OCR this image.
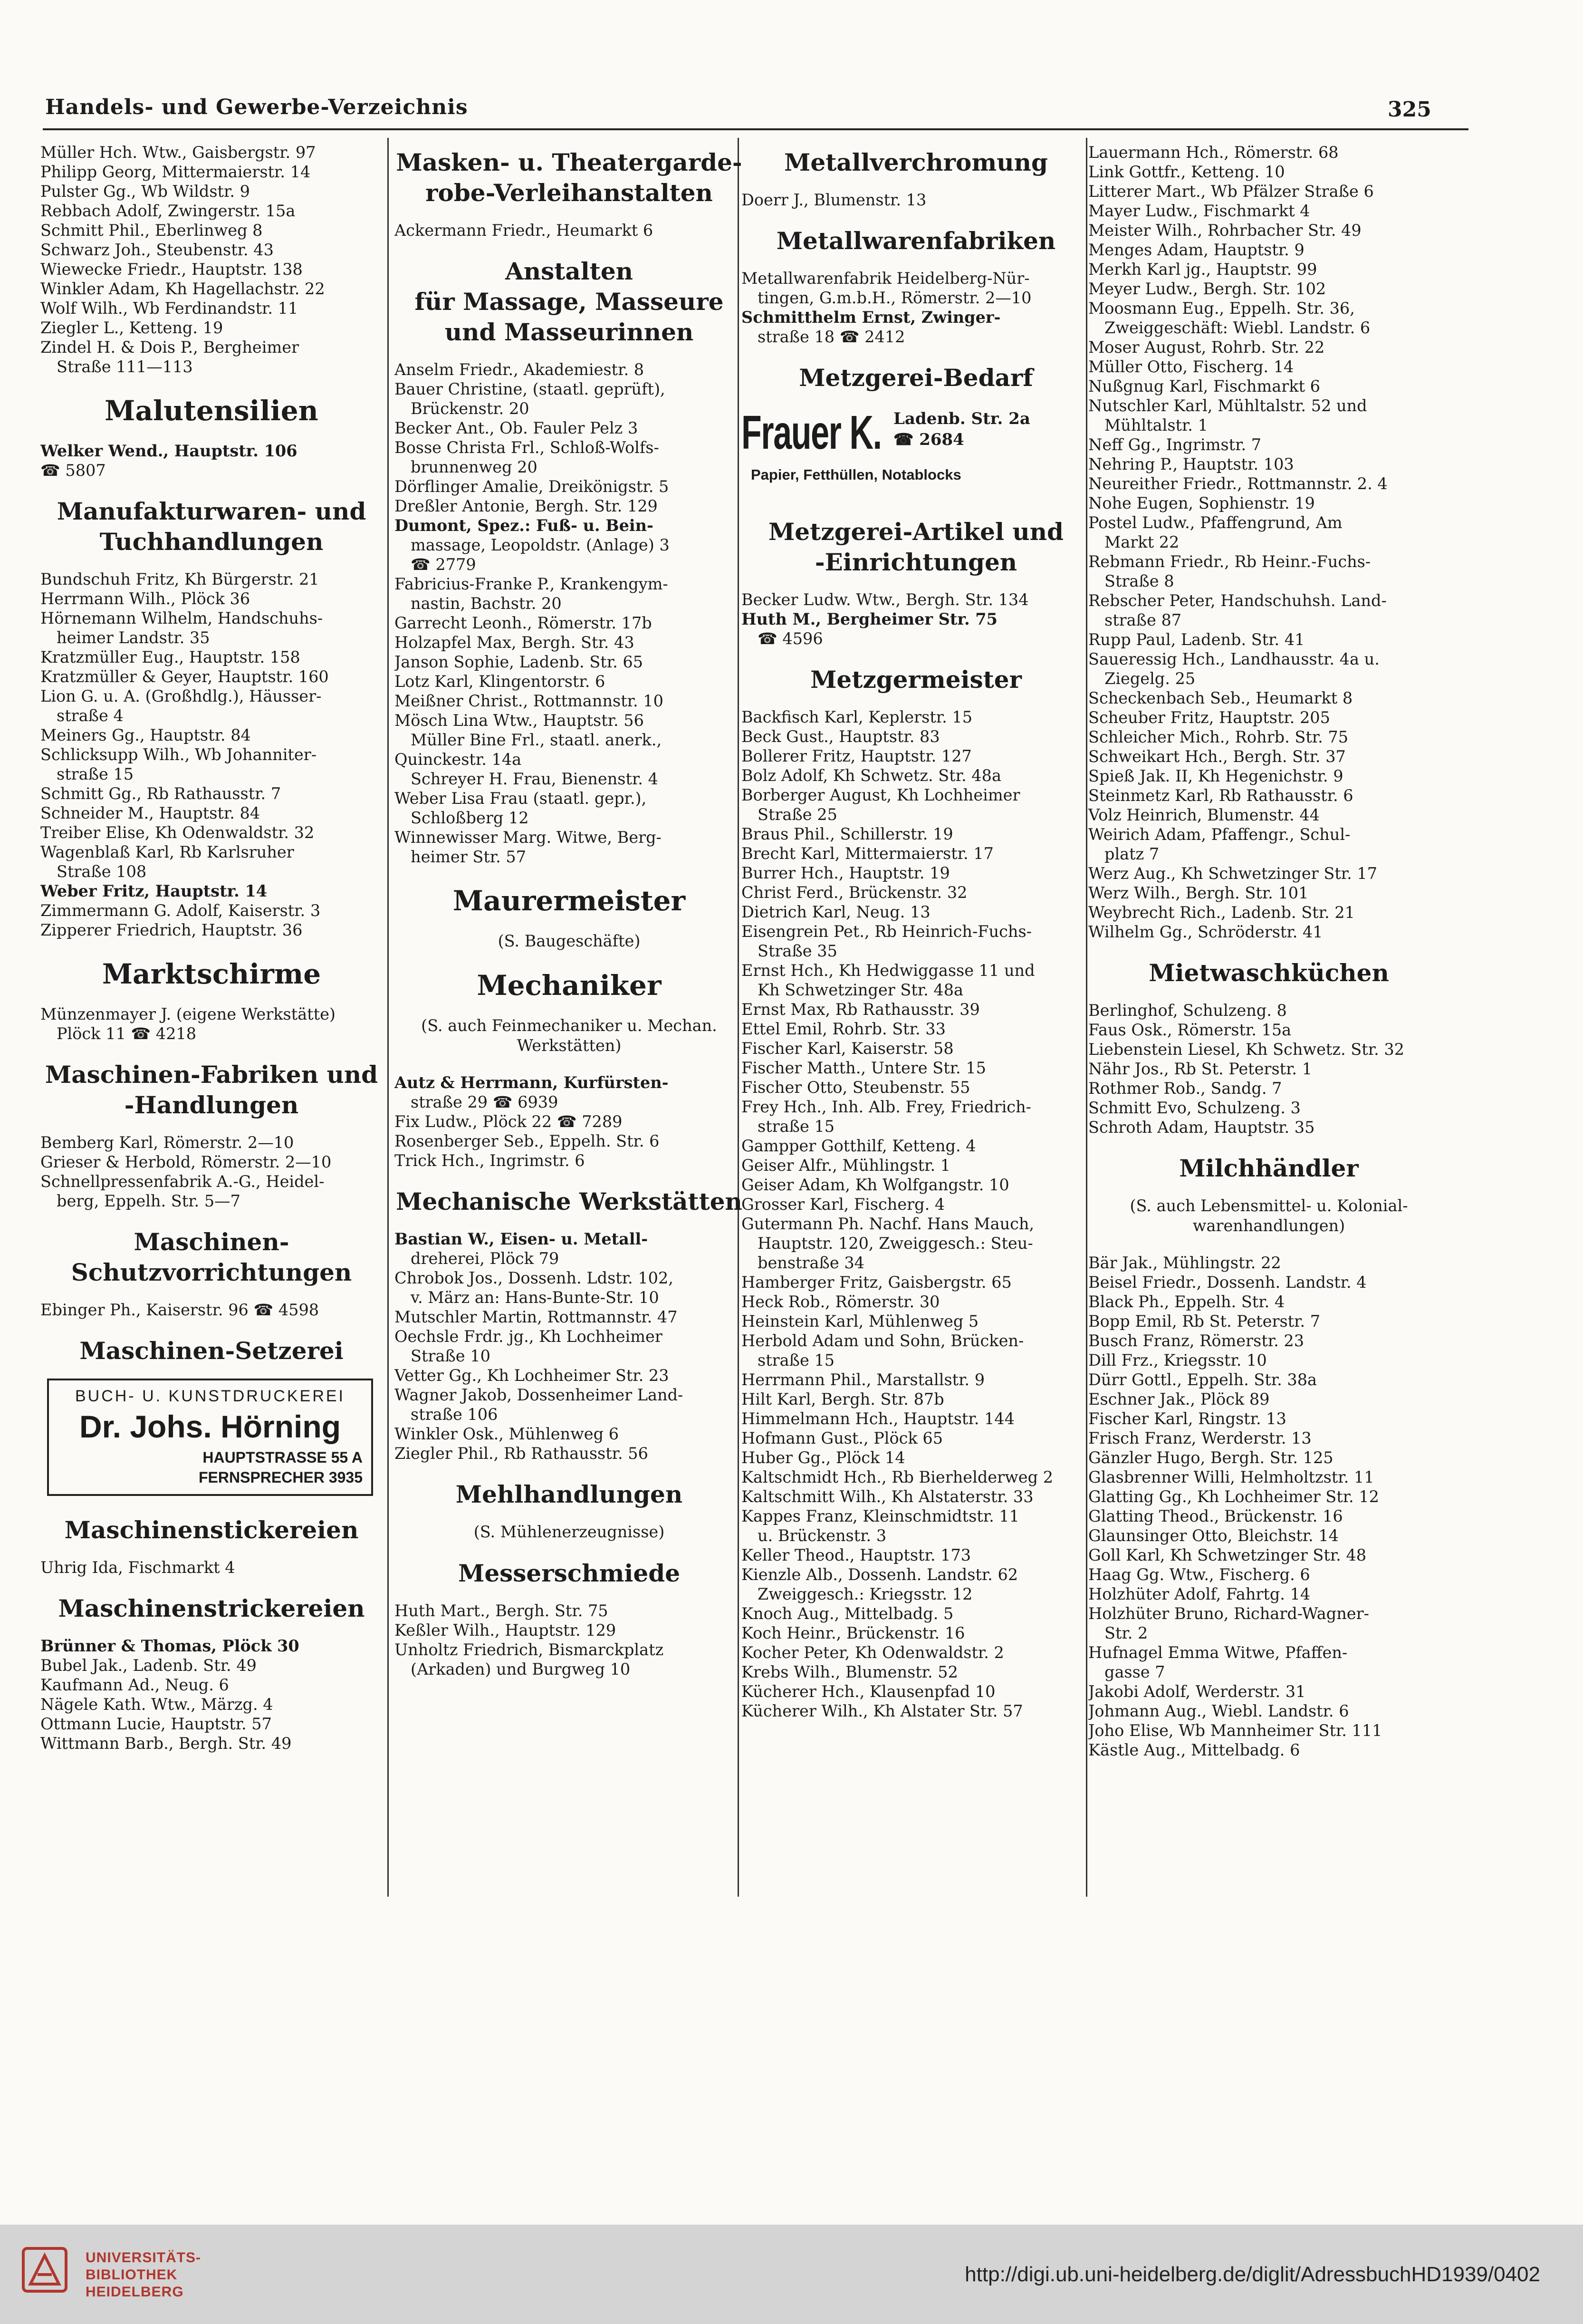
Handels- und Gewerbe-Verzeichnis	325
Müller Hch. Wtw., Gaisbergstr. 97
Philipp Georg, Mittermaierstr. 14
Pulster Gg., Wb Wildstr. 9
Rebbach Adolf, Zwingerstr. 15a
Schmitt Phil., Eberlinweg 8
Schwarz Joh., Steubenstr. 43
Wiewecke Friedr., Hauptstr. 138
Winkler Adam, Kh Hagellachstr. 22
Wolf Wilh., Wb Ferdinandstr. 11
Ziegler L., Ketteng. 19
Zindel H. & Dois P., Bergheimer
Straße 111—113
Malutensilien
Welker Wend., Hauptstr. 106
☎ 5807
Manufakturwaren- und
Tuchhandlungen
Bundschuh Fritz, Kh Bürgerstr. 21
Herrmann Wilh., Plöck 36
Hörnemann Wilhelm, Handschuhs-
heimer Landstr. 35
Kratzmüller Eug., Hauptstr. 158
Kratzmüller & Geyer, Hauptstr. 160
Lion G. u. A. (Großhdlg.), Häusser-
straße 4
Meiners Gg., Hauptstr. 84
Schlicksupp Wilh., Wb Johanniter-
straße 15
Schmitt Gg., Rb Rathausstr. 7
Schneider M., Hauptstr. 84
Treiber Elise, Kh Odenwaldstr. 32
Wagenblaß Karl, Rb Karlsruher
Straße 108
Weber Fritz, Hauptstr. 14
Zimmermann G. Adolf, Kaiserstr. 3
Zipperer Friedrich, Hauptstr. 36
Marktschirme
Münzenmayer J. (eigene Werkstätte)
Plöck 11 ☎ 4218
Maschinen-Fabriken und
-Handlungen
Bemberg Karl, Römerstr. 2—10
Grieser & Herbold, Römerstr. 2—10
Schnellpressenfabrik A.-G., Heidel-
berg, Eppelh. Str. 5—7
Maschinen-
Schutzvorrichtungen
Ebinger Ph., Kaiserstr. 96 ☎ 4598
Maschinen-Setzerei
BUCH- U. KUNSTDRUCKEREI
Dr. Johs. Hörning
HAUPTSTRASSE 55 A
FERNSPRECHER 3935
Maschinenstickereien
Uhrig Ida, Fischmarkt 4
Maschinenstrickereien
Brünner & Thomas, Plöck 30
Bubel Jak., Ladenb. Str. 49
Kaufmann Ad., Neug. 6
Nägele Kath. Wtw., Märzg. 4
Ottmann Lucie, Hauptstr. 57
Wittmann Barb., Bergh. Str. 49
Masken- u. Theatergarde-
robe-Verleihanstalten
Ackermann Friedr., Heumarkt 6
Anstalten
für Massage, Masseure
und Masseurinnen
Anselm Friedr., Akademiestr. 8
Bauer Christine, (staatl. geprüft),
Brückenstr. 20
Becker Ant., Ob. Fauler Pelz 3
Bosse Christa Frl., Schloß-Wolfs-
brunnenweg 20
Dörflinger Amalie, Dreikönigstr. 5
Dreßler Antonie, Bergh. Str. 129
Dumont, Spez.: Fuß- u. Bein-
massage, Leopoldstr. (Anlage) 3
☎ 2779
Fabricius-Franke P., Krankengym-
nastin, Bachstr. 20
Garrecht Leonh., Römerstr. 17b
Holzapfel Max, Bergh. Str. 43
Janson Sophie, Ladenb. Str. 65
Lotz Karl, Klingentorstr. 6
Meißner Christ., Rottmannstr. 10
Mösch Lina Wtw., Hauptstr. 56
Müller Bine Frl., staatl. anerk.,
Quinckestr. 14a
Schreyer H. Frau, Bienenstr. 4
Weber Lisa Frau (staatl. gepr.),
Schloßberg 12
Winnewisser Marg. Witwe, Berg-
heimer Str. 57
Maurermeister
(S. Baugeschäfte)
Mechaniker
(S. auch Feinmechaniker u. Mechan.
Werkstätten)
Autz & Herrmann, Kurfürsten-
straße 29 ☎ 6939
Fix Ludw., Plöck 22 ☎ 7289
Rosenberger Seb., Eppelh. Str. 6
Trick Hch., Ingrimstr. 6
Mechanische Werkstätten
Bastian W., Eisen- u. Metall-
dreherei, Plöck 79
Chrobok Jos., Dossenh. Ldstr. 102,
v. März an: Hans-Bunte-Str. 10
Mutschler Martin, Rottmannstr. 47
Oechsle Frdr. jg., Kh Lochheimer
Straße 10
Vetter Gg., Kh Lochheimer Str. 23
Wagner Jakob, Dossenheimer Land-
straße 106
Winkler Osk., Mühlenweg 6
Ziegler Phil., Rb Rathausstr. 56
Mehlhandlungen
(S. Mühlenerzeugnisse)
Messerschmiede
Huth Mart., Bergh. Str. 75
Keßler Wilh., Hauptstr. 129
Unholtz Friedrich, Bismarckplatz
(Arkaden) und Burgweg 10
Metallverchromung
Doerr J., Blumenstr. 13
Metallwarenfabriken
Metallwarenfabrik Heidelberg-Nür-
tingen, G.m.b.H., Römerstr. 2—10
Schmitthelm Ernst, Zwinger-
straße 18 ☎ 2412
Metzgerei-Bedarf
Frauer K. Ladenb. Str. 2a
☎ 2684
Papier, Fetthüllen, Notablocks
Metzgerei-Artikel und
-Einrichtungen
Becker Ludw. Wtw., Bergh. Str. 134
Huth M., Bergheimer Str. 75
☎ 4596
Metzgermeister
Backfisch Karl, Keplerstr. 15
Beck Gust., Hauptstr. 83
Bollerer Fritz, Hauptstr. 127
Bolz Adolf, Kh Schwetz. Str. 48a
Borberger August, Kh Lochheimer
Straße 25
Braus Phil., Schillerstr. 19
Brecht Karl, Mittermaierstr. 17
Burrer Hch., Hauptstr. 19
Christ Ferd., Brückenstr. 32
Dietrich Karl, Neug. 13
Eisengrein Pet., Rb Heinrich-Fuchs-
Straße 35
Ernst Hch., Kh Hedwiggasse 11 und
Kh Schwetzinger Str. 48a
Ernst Max, Rb Rathausstr. 39
Ettel Emil, Rohrb. Str. 33
Fischer Karl, Kaiserstr. 58
Fischer Matth., Untere Str. 15
Fischer Otto, Steubenstr. 55
Frey Hch., Inh. Alb. Frey, Friedrich-
straße 15
Gampper Gotthilf, Ketteng. 4
Geiser Alfr., Mühlingstr. 1
Geiser Adam, Kh Wolfgangstr. 10
Grosser Karl, Fischerg. 4
Gutermann Ph. Nachf. Hans Mauch,
Hauptstr. 120, Zweiggesch.: Steu-
benstraße 34
Hamberger Fritz, Gaisbergstr. 65
Heck Rob., Römerstr. 30
Heinstein Karl, Mühlenweg 5
Herbold Adam und Sohn, Brücken-
straße 15
Herrmann Phil., Marstallstr. 9
Hilt Karl, Bergh. Str. 87b
Himmelmann Hch., Hauptstr. 144
Hofmann Gust., Plöck 65
Huber Gg., Plöck 14
Kaltschmidt Hch., Rb Bierhelderweg 2
Kaltschmitt Wilh., Kh Alstaterstr. 33
Kappes Franz, Kleinschmidtstr. 11
u. Brückenstr. 3
Keller Theod., Hauptstr. 173
Kienzle Alb., Dossenh. Landstr. 62
Zweiggesch.: Kriegsstr. 12
Knoch Aug., Mittelbadg. 5
Koch Heinr., Brückenstr. 16
Kocher Peter, Kh Odenwaldstr. 2
Krebs Wilh., Blumenstr. 52
Kücherer Hch., Klausenpfad 10
Kücherer Wilh., Kh Alstater Str. 57
Lauermann Hch., Römerstr. 68
Link Gottfr., Ketteng. 10
Litterer Mart., Wb Pfälzer Straße 6
Mayer Ludw., Fischmarkt 4
Meister Wilh., Rohrbacher Str. 49
Menges Adam, Hauptstr. 9
Merkh Karl jg., Hauptstr. 99
Meyer Ludw., Bergh. Str. 102
Moosmann Eug., Eppelh. Str. 36,
Zweiggeschäft: Wiebl. Landstr. 6
Moser August, Rohrb. Str. 22
Müller Otto, Fischerg. 14
Nußgnug Karl, Fischmarkt 6
Nutschler Karl, Mühltalstr. 52 und
Mühltalstr. 1
Neff Gg., Ingrimstr. 7
Nehring P., Hauptstr. 103
Neureither Friedr., Rottmannstr. 2. 4
Nohe Eugen, Sophienstr. 19
Postel Ludw., Pfaffengrund, Am
Markt 22
Rebmann Friedr., Rb Heinr.-Fuchs-
Straße 8
Rebscher Peter, Handschuhsh. Land-
straße 87
Rupp Paul, Ladenb. Str. 41
Saueressig Hch., Landhausstr. 4a u.
Ziegelg. 25
Scheckenbach Seb., Heumarkt 8
Scheuber Fritz, Hauptstr. 205
Schleicher Mich., Rohrb. Str. 75
Schweikart Hch., Bergh. Str. 37
Spieß Jak. II, Kh Hegenichstr. 9
Steinmetz Karl, Rb Rathausstr. 6
Volz Heinrich, Blumenstr. 44
Weirich Adam, Pfaffengr., Schul-
platz 7
Werz Aug., Kh Schwetzinger Str. 17
Werz Wilh., Bergh. Str. 101
Weybrecht Rich., Ladenb. Str. 21
Wilhelm Gg., Schröderstr. 41
Mietwaschküchen
Berlinghof, Schulzeng. 8
Faus Osk., Römerstr. 15a
Liebenstein Liesel, Kh Schwetz. Str. 32
Nähr Jos., Rb St. Peterstr. 1
Rothmer Rob., Sandg. 7
Schmitt Evo, Schulzeng. 3
Schroth Adam, Hauptstr. 35
Milchhändler
(S. auch Lebensmittel- u. Kolonial-
warenhandlungen)
Bär Jak., Mühlingstr. 22
Beisel Friedr., Dossenh. Landstr. 4
Black Ph., Eppelh. Str. 4
Bopp Emil, Rb St. Peterstr. 7
Busch Franz, Römerstr. 23
Dill Frz., Kriegsstr. 10
Dürr Gottl., Eppelh. Str. 38a
Eschner Jak., Plöck 89
Fischer Karl, Ringstr. 13
Frisch Franz, Werderstr. 13
Gänzler Hugo, Bergh. Str. 125
Glasbrenner Willi, Helmholtzstr. 11
Glatting Gg., Kh Lochheimer Str. 12
Glatting Theod., Brückenstr. 16
Glaunsinger Otto, Bleichstr. 14
Goll Karl, Kh Schwetzinger Str. 48
Haag Gg. Wtw., Fischerg. 6
Holzhüter Adolf, Fahrtg. 14
Holzhüter Bruno, Richard-Wagner-
Str. 2
Hufnagel Emma Witwe, Pfaffen-
gasse 7
Jakobi Adolf, Werderstr. 31
Johmann Aug., Wiebl. Landstr. 6
Joho Elise, Wb Mannheimer Str. 111
Kästle Aug., Mittelbadg. 6
UNIVERSITÄTS-
BIBLIOTHEK
HEIDELBERG
http://digi.ub.uni-heidelberg.de/diglit/AdressbuchHD1939/0402
